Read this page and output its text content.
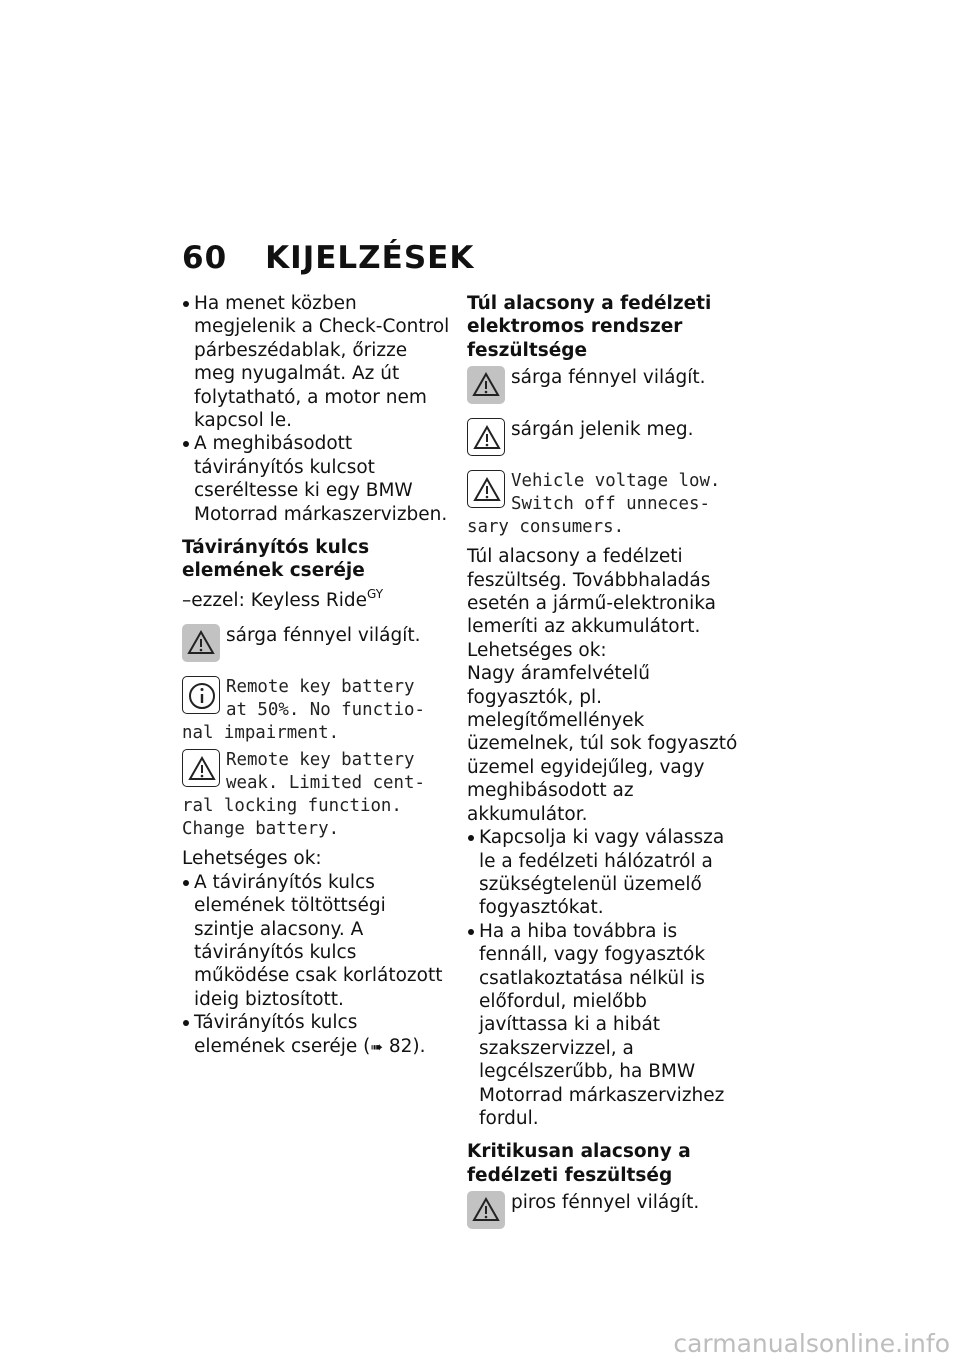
60 KIJELZÉSEK
Ha menet közben megjelenik a Check-Control párbeszédablak, őrizze meg nyugalmát. Az út folytatható, a motor nem kapcsol le.
A meghibásodott távirányítós kulcsot cseréltesse ki egy BMW Motorrad márkaszervizben.
Távirányítós kulcs elemének cseréje
–ezzel: Keyless Ride$^{GY}$
sárga fénnyel világít.
Remote key battery
at 50%. No functio-
nal impairment.
Remote key battery
weak. Limited cent-
ral locking function.
Change battery.
Lehetséges ok:
A távirányítós kulcs elemének töltöttségi szintje alacsony. A távirányítós kulcs működése csak korlátozott ideig biztosított.
Távirányítós kulcs elemének cseréje (➠ 82).
Túl alacsony a fedélzeti elektromos rendszer feszültsége
sárga fénnyel világít.
sárgán jelenik meg.
Vehicle voltage low.
Switch off unneces-
sary consumers.
Túl alacsony a fedélzeti feszültség. Továbbhaladás esetén a jármű-elektronika lemeríti az akkumulátort.
Lehetséges ok:
Nagy áramfelvételű fogyasztók, pl. melegítőmellények üzemelnek, túl sok fogyasztó üzemel egyidejűleg, vagy meghibásodott az akkumulátor.
Kapcsolja ki vagy válassza le a fedélzeti hálózatról a szükségtelenül üzemelő fogyasztókat.
Ha a hiba továbbra is fennáll, vagy fogyasztók csatlakoztatása nélkül is előfordul, mielőbb javíttassa ki a hibát szakszervizzel, a legcélszerűbb, ha BMW Motorrad márkaszervizhez fordul.
Kritikusan alacsony a fedélzeti feszültség
piros fénnyel világít.
carmanualsonline.info
